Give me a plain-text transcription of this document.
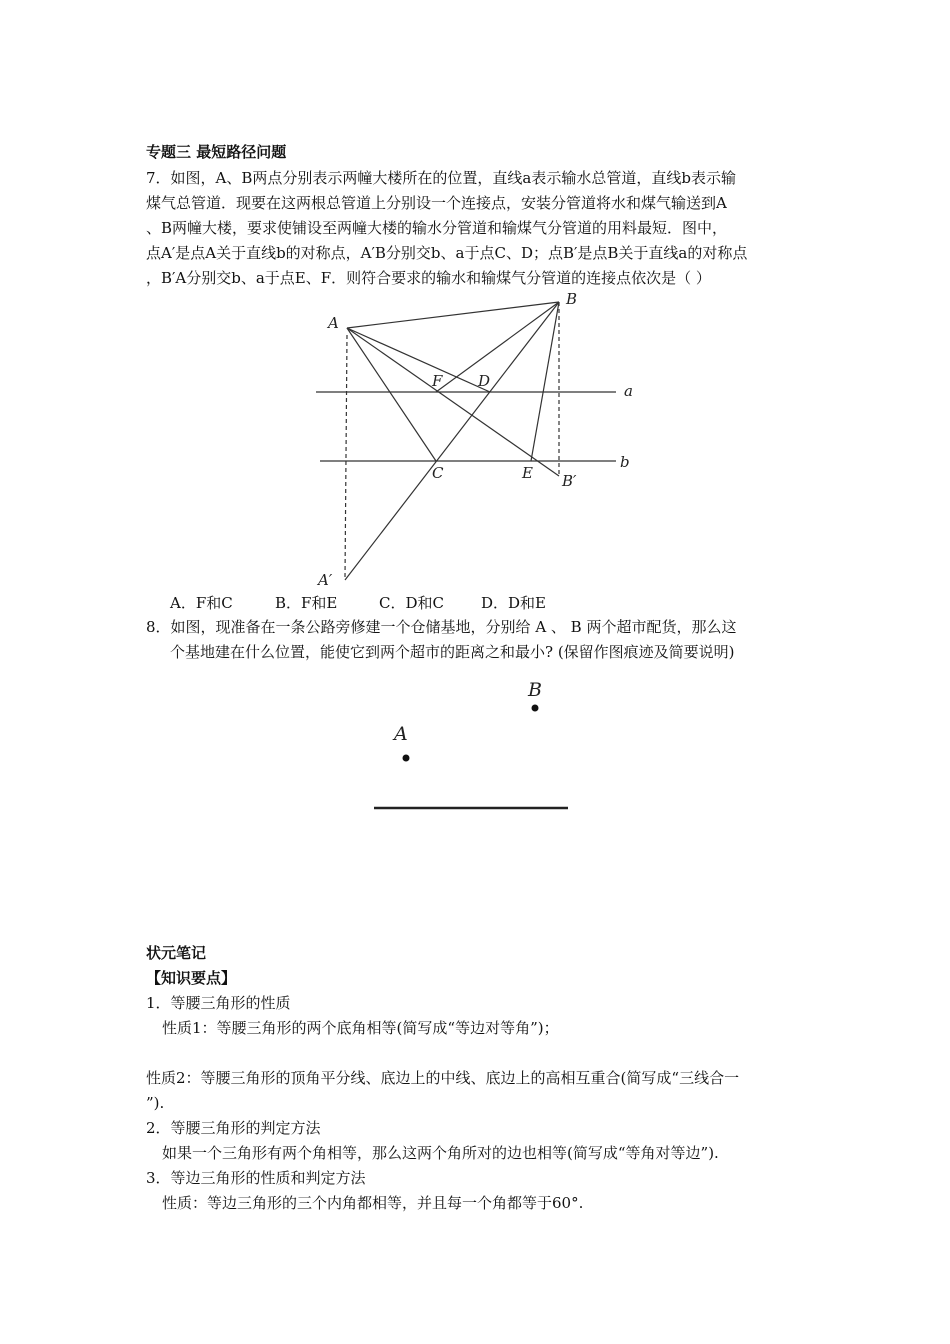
专题三 最短路径问题
7．如图，A、B两点分别表示两幢大楼所在的位置，直线a表示输水总管道，直线b表示输
煤气总管道．现要在这两根总管道上分别设一个连接点，安装分管道将水和煤气输送到A
、B两幢大楼，要求使铺设至两幢大楼的输水分管道和输煤气分管道的用料最短．图中，
点A′是点A关于直线b的对称点，A′B分别交b、a于点C、D；点B′是点B关于直线a的对称点
，B′A分别交b、a于点E、F．则符合要求的输水和输煤气分管道的连接点依次是（ ）
A
B
F D
a
C	E
b
B′
A′
A．F和C	B．F和E	C．D和C D．D和E
8．如图，现准备在一条公路旁修建一个仓储基地，分别给 A 、 B 两个超市配货，那么这
个基地建在什么位置，能使它到两个超市的距离之和最小? (保留作图痕迹及简要说明)
B
A
状元笔记
【知识要点】
1．等腰三角形的性质
性质1：等腰三角形的两个底角相等(简写成“等边对等角”)；
性质2：等腰三角形的顶角平分线、底边上的中线、底边上的高相互重合(简写成“三线合一
”).
2．等腰三角形的判定方法
如果一个三角形有两个角相等，那么这两个角所对的边也相等(简写成“等角对等边”).
3．等边三角形的性质和判定方法
性质：等边三角形的三个内角都相等，并且每一个角都等于60°.
